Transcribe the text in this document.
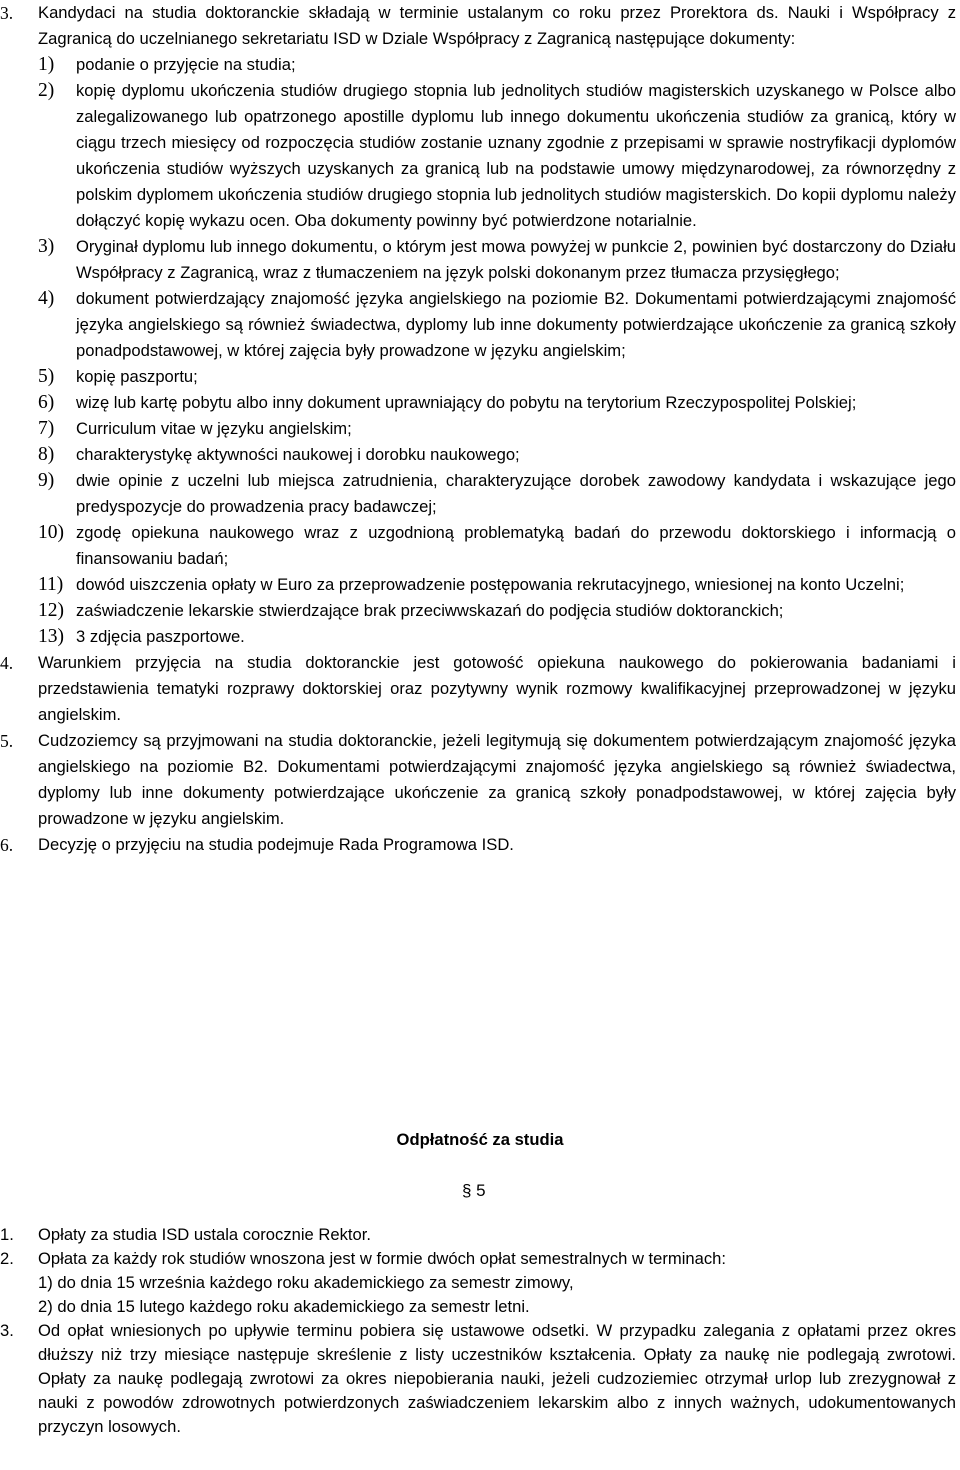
3. Kandydaci na studia doktoranckie składają w terminie ustalanym co roku przez Prorektora ds. Nauki i Współpracy z Zagranicą do uczelnianego sekretariatu ISD w Dziale Współpracy z Zagranicą następujące dokumenty:
1) podanie o przyjęcie na studia;
2) kopię dyplomu ukończenia studiów drugiego stopnia lub jednolitych studiów magisterskich uzyskanego w Polsce albo zalegalizowanego lub opatrzonego apostille dyplomu lub innego dokumentu ukończenia studiów za granicą, który w ciągu trzech miesięcy od rozpoczęcia studiów zostanie uznany zgodnie z przepisami w sprawie nostryfikacji dyplomów ukończenia studiów wyższych uzyskanych za granicą lub na podstawie umowy międzynarodowej, za równorzędny z polskim dyplomem ukończenia studiów drugiego stopnia lub jednolitych studiów magisterskich. Do kopii dyplomu należy dołączyć kopię wykazu ocen. Oba dokumenty powinny być potwierdzone notarialnie.
3) Oryginał dyplomu lub innego dokumentu, o którym jest mowa powyżej w punkcie 2, powinien być dostarczony do Działu Współpracy z Zagranicą, wraz z tłumaczeniem na język polski dokonanym przez tłumacza przysięgłego;
4) dokument potwierdzający znajomość języka angielskiego na poziomie B2. Dokumentami potwierdzającymi znajomość języka angielskiego są również świadectwa, dyplomy lub inne dokumenty potwierdzające ukończenie za granicą szkoły ponadpodstawowej, w której zajęcia były prowadzone w języku angielskim;
5) kopię paszportu;
6) wizę lub kartę pobytu albo inny dokument uprawniający do pobytu na terytorium Rzeczypospolitej Polskiej;
7) Curriculum vitae w języku angielskim;
8) charakterystykę aktywności naukowej i dorobku naukowego;
9) dwie opinie z uczelni lub miejsca zatrudnienia, charakteryzujące dorobek zawodowy kandydata i wskazujące jego predyspozycje do prowadzenia pracy badawczej;
10) zgodę opiekuna naukowego wraz z uzgodnioną problematyką badań do przewodu doktorskiego i informacją o finansowaniu badań;
11) dowód uiszczenia opłaty w Euro za przeprowadzenie postępowania rekrutacyjnego, wniesionej na konto Uczelni;
12) zaświadczenie lekarskie stwierdzające brak przeciwwskazań do podjęcia studiów doktoranckich;
13) 3 zdjęcia paszportowe.
4. Warunkiem przyjęcia na studia doktoranckie jest gotowość opiekuna naukowego do pokierowania badaniami i przedstawienia tematyki rozprawy doktorskiej oraz pozytywny wynik rozmowy kwalifikacyjnej przeprowadzonej w języku angielskim.
5. Cudzoziemcy są przyjmowani na studia doktoranckie, jeżeli legitymują się dokumentem potwierdzającym znajomość języka angielskiego na poziomie B2. Dokumentami potwierdzającymi znajomość języka angielskiego są również świadectwa, dyplomy lub inne dokumenty potwierdzające ukończenie za granicą szkoły ponadpodstawowej, w której zajęcia były prowadzone w języku angielskim.
6. Decyzję o przyjęciu na studia podejmuje Rada Programowa ISD.
Odpłatność za studia
§ 5
1. Opłaty za studia ISD ustala corocznie Rektor.
2. Opłata za każdy rok studiów wnoszona jest w formie dwóch opłat semestralnych w terminach:
1) do dnia 15 września każdego roku akademickiego za semestr zimowy,
2) do dnia 15 lutego każdego roku akademickiego za semestr letni.
3. Od opłat wniesionych po upływie terminu pobiera się ustawowe odsetki. W przypadku zalegania z opłatami przez okres dłuższy niż trzy miesiące następuje skreślenie z listy uczestników kształcenia. Opłaty za naukę nie podlegają zwrotowi. Opłaty za naukę podlegają zwrotowi za okres niepobierania nauki, jeżeli cudzoziemiec otrzymał urlop lub zrezygnował z nauki z powodów zdrowotnych potwierdzonych zaświadczeniem lekarskim albo z innych ważnych, udokumentowanych przyczyn losowych.
